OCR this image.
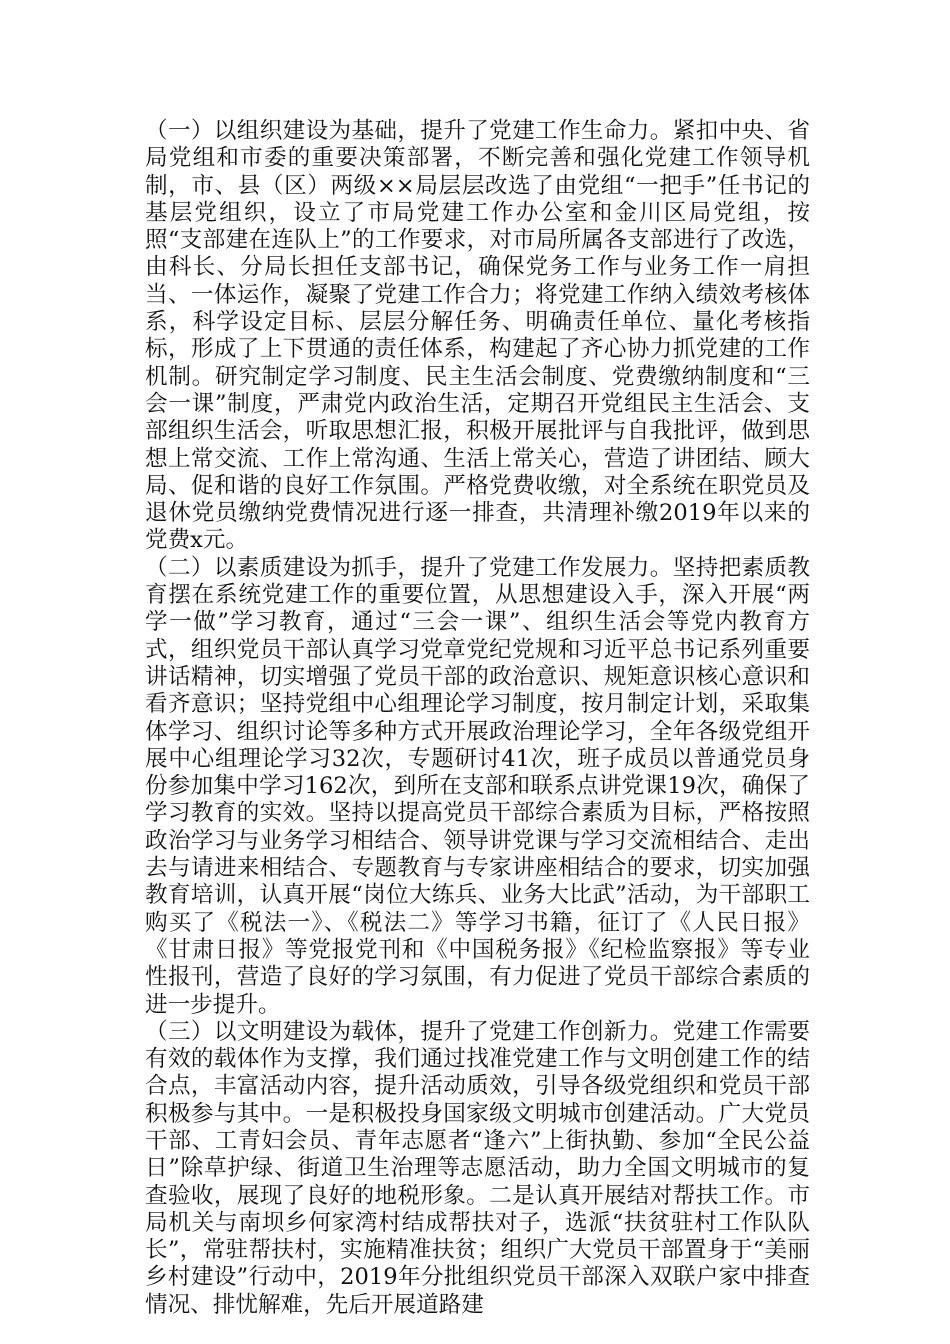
（一）以组织建设为基础，提升了党建工作生命力。紧扣中央、省局党组和市委的重要决策部署，不断完善和强化党建工作领导机制，市、县（区）两级××局层层改选了由党组“一把手”任书记的基层党组织，设立了市局党建工作办公室和金川区局党组，按照“支部建在连队上”的工作要求，对市局所属各支部进行了改选，由科长、分局长担任支部书记，确保党务工作与业务工作一肩担当、一体运作，凝聚了党建工作合力；将党建工作纳入绩效考核体系，科学设定目标、层层分解任务、明确责任单位、量化考核指标，形成了上下贯通的责任体系，构建起了齐心协力抓党建的工作机制。研究制定学习制度、民主生活会制度、党费缴纳制度和“三会一课”制度，严肃党内政治生活，定期召开党组民主生活会、支部组织生活会，听取思想汇报，积极开展批评与自我批评，做到思想上常交流、工作上常沟通、生活上常关心，营造了讲团结、顾大局、促和谐的良好工作氛围。严格党费收缴，对全系统在职党员及退休党员缴纳党费情况进行逐一排查，共清理补缴2019年以来的党费x元。

（二）以素质建设为抓手，提升了党建工作发展力。坚持把素质教育摆在系统党建工作的重要位置，从思想建设入手，深入开展“两学一做”学习教育，通过“三会一课”、组织生活会等党内教育方式，组织党员干部认真学习党章党纪党规和习近平总书记系列重要讲话精神，切实增强了党员干部的政治意识、规矩意识核心意识和看齐意识；坚持党组中心组理论学习制度，按月制定计划，采取集体学习、组织讨论等多种方式开展政治理论学习，全年各级党组开展中心组理论学习32次，专题研讨41次，班子成员以普通党员身份参加集中学习162次，到所在支部和联系点讲党课19次，确保了学习教育的实效。坚持以提高党员干部综合素质为目标，严格按照政治学习与业务学习相结合、领导讲党课与学习交流相结合、走出去与请进来相结合、专题教育与专家讲座相结合的要求，切实加强教育培训，认真开展“岗位大练兵、业务大比武”活动，为干部职工购买了《税法一》、《税法二》等学习书籍，征订了《人民日报》《甘肃日报》等党报党刊和《中国税务报》《纪检监察报》等专业性报刊，营造了良好的学习氛围，有力促进了党员干部综合素质的进一步提升。

（三）以文明建设为载体，提升了党建工作创新力。党建工作需要有效的载体作为支撑，我们通过找准党建工作与文明创建工作的结合点，丰富活动内容，提升活动质效，引导各级党组织和党员干部积极参与其中。一是积极投身国家级文明城市创建活动。广大党员干部、工青妇会员、青年志愿者“逢六”上街执勤、参加“全民公益日”除草护绿、街道卫生治理等志愿活动，助力全国文明城市的复查验收，展现了良好的地税形象。二是认真开展结对帮扶工作。市局机关与南坝乡何家湾村结成帮扶对子，选派“扶贫驻村工作队队长”，常驻帮扶村，实施精准扶贫；组织广大党员干部置身于“美丽乡村建设”行动中，2019年分批组织党员干部深入双联户家中排查情况、排忧解难，先后开展道路建
